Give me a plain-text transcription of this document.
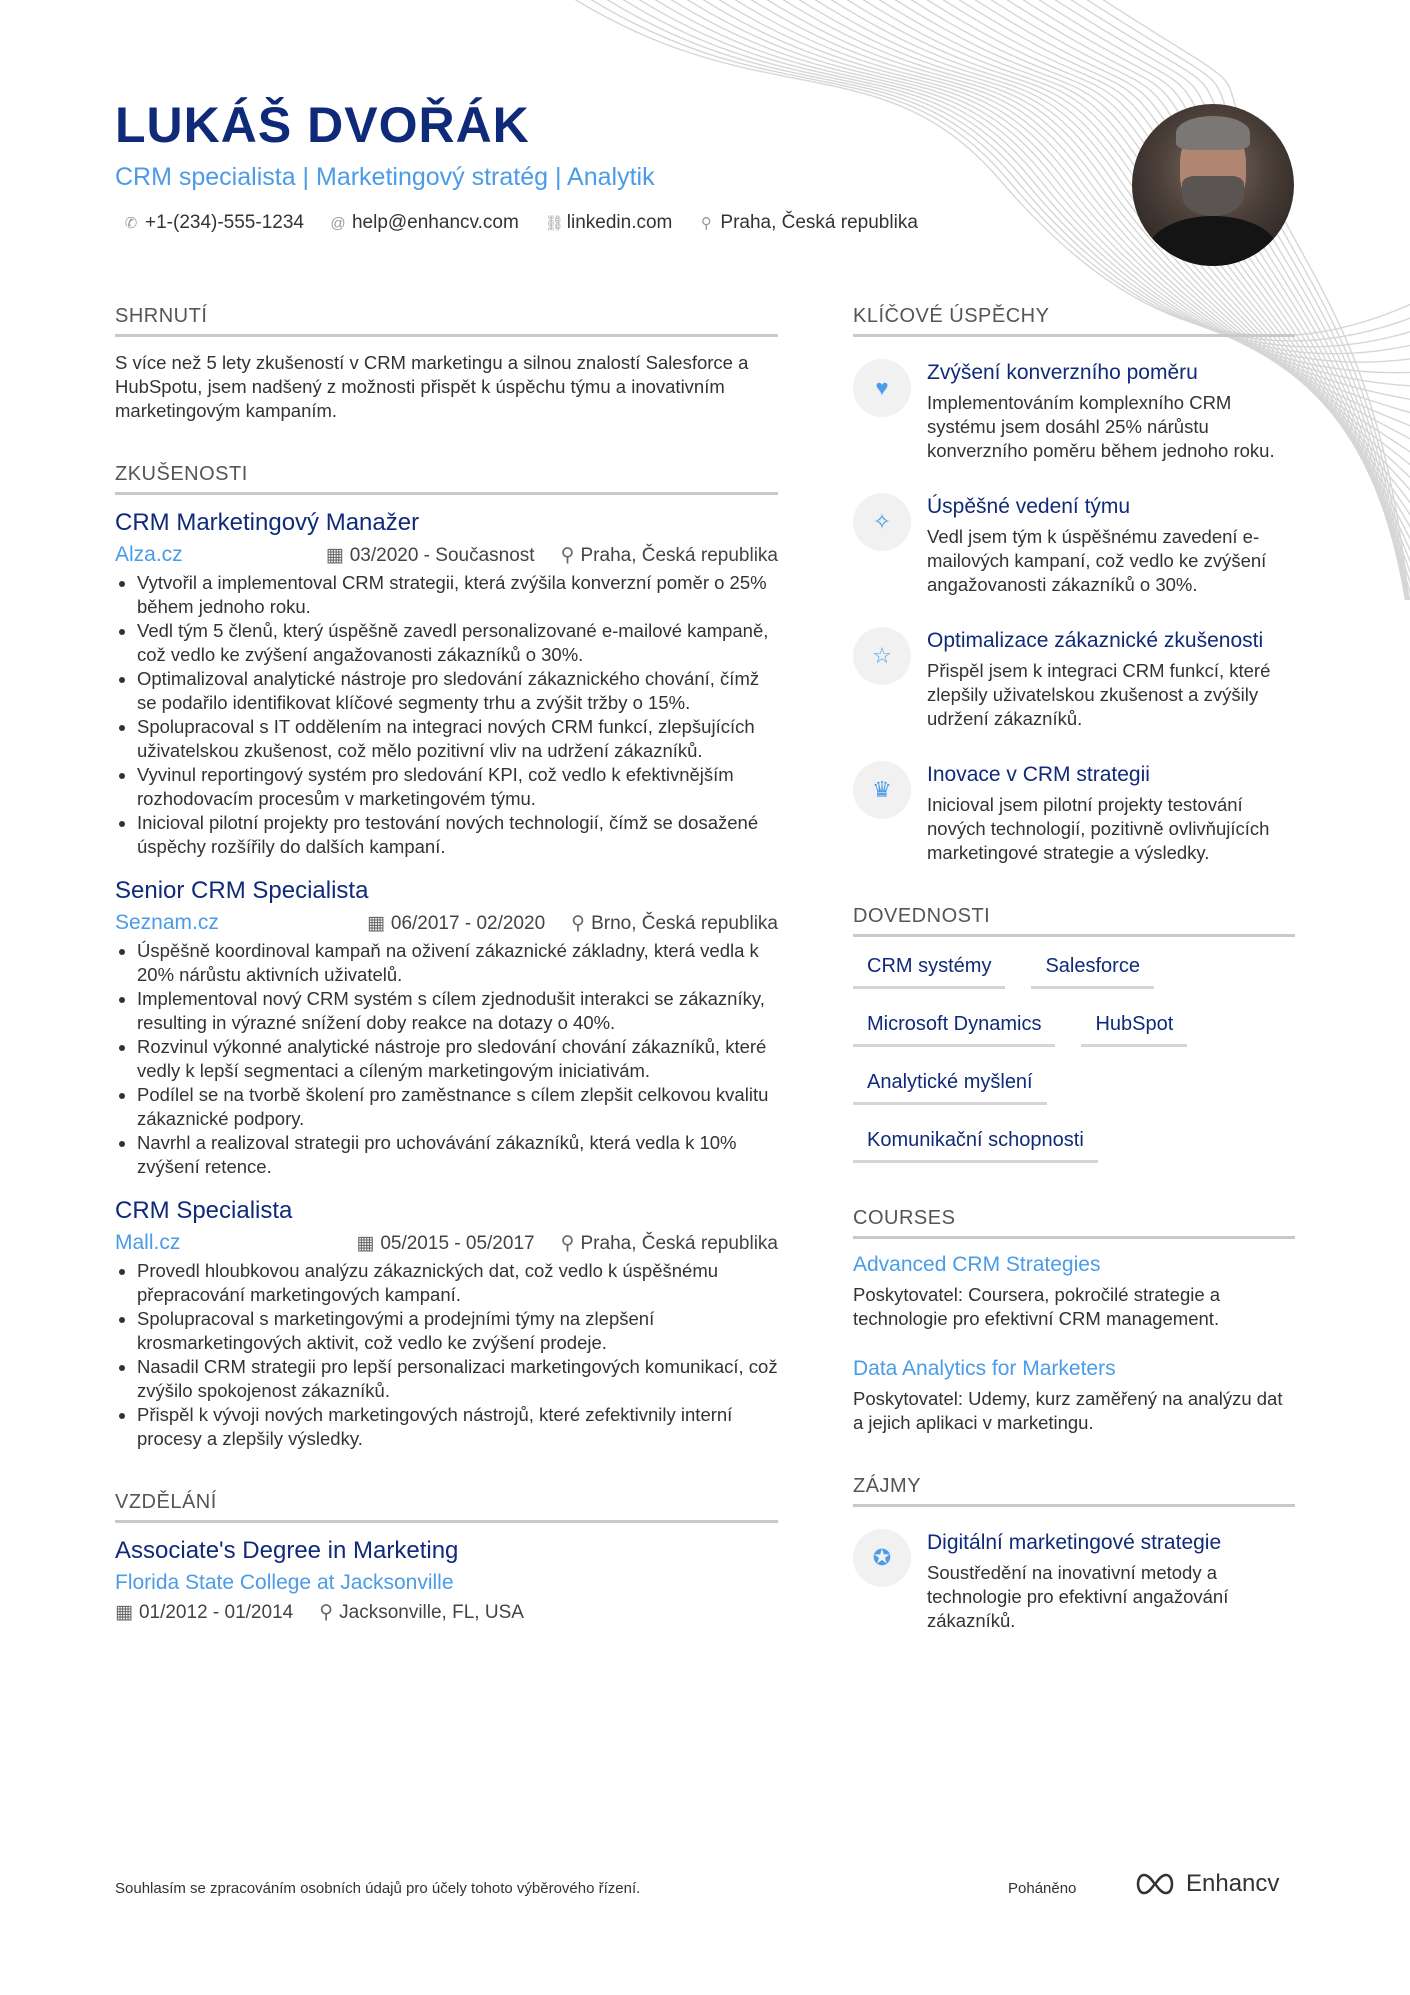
LUKÁŠ DVOŘÁK
CRM specialista | Marketingový stratég | Analytik
✆ +1-(234)-555-1234 @ help@enhancv.com ⛓ linkedin.com ⚲ Praha, Česká republika
SHRNUTÍ
S více než 5 lety zkušeností v CRM marketingu a silnou znalostí Salesforce a HubSpotu, jsem nadšený z možnosti přispět k úspěchu týmu a inovativním marketingovým kampaním.
ZKUŠENOSTI
CRM Marketingový Manažer
Alza.cz	▦ 03/2020 - Současnost ⚲ Praha, Česká republika
• Vytvořil a implementoval CRM strategii, která zvýšila konverzní poměr o 25% během jednoho roku.
• Vedl tým 5 členů, který úspěšně zavedl personalizované e-mailové kampaně, což vedlo ke zvýšení angažovanosti zákazníků o 30%.
• Optimalizoval analytické nástroje pro sledování zákaznického chování, čímž se podařilo identifikovat klíčové segmenty trhu a zvýšit tržby o 15%.
• Spolupracoval s IT oddělením na integraci nových CRM funkcí, zlepšujících uživatelskou zkušenost, což mělo pozitivní vliv na udržení zákazníků.
• Vyvinul reportingový systém pro sledování KPI, což vedlo k efektivnějším rozhodovacím procesům v marketingovém týmu.
• Inicioval pilotní projekty pro testování nových technologií, čímž se dosažené úspěchy rozšířily do dalších kampaní.
Senior CRM Specialista
Seznam.cz	▦ 06/2017 - 02/2020 ⚲ Brno, Česká republika
• Úspěšně koordinoval kampaň na oživení zákaznické základny, která vedla k 20% nárůstu aktivních uživatelů.
• Implementoval nový CRM systém s cílem zjednodušit interakci se zákazníky, resulting in výrazné snížení doby reakce na dotazy o 40%.
• Rozvinul výkonné analytické nástroje pro sledování chování zákazníků, které vedly k lepší segmentaci a cíleným marketingovým iniciativám.
• Podílel se na tvorbě školení pro zaměstnance s cílem zlepšit celkovou kvalitu zákaznické podpory.
• Navrhl a realizoval strategii pro uchovávání zákazníků, která vedla k 10% zvýšení retence.
CRM Specialista
Mall.cz	▦ 05/2015 - 05/2017 ⚲ Praha, Česká republika
• Provedl hloubkovou analýzu zákaznických dat, což vedlo k úspěšnému přepracování marketingových kampaní.
• Spolupracoval s marketingovými a prodejními týmy na zlepšení krosmarketingových aktivit, což vedlo ke zvýšení prodeje.
• Nasadil CRM strategii pro lepší personalizaci marketingových komunikací, což zvýšilo spokojenost zákazníků.
• Přispěl k vývoji nových marketingových nástrojů, které zefektivnily interní procesy a zlepšily výsledky.
VZDĚLÁNÍ
Associate's Degree in Marketing
Florida State College at Jacksonville
▦ 01/2012 - 01/2014 ⚲ Jacksonville, FL, USA
KLÍČOVÉ ÚSPĚCHY
♥
Zvýšení konverzního poměru
Implementováním komplexního CRM systému jsem dosáhl 25% nárůstu konverzního poměru během jednoho roku.
✧
Úspěšné vedení týmu
Vedl jsem tým k úspěšnému zavedení e-mailových kampaní, což vedlo ke zvýšení angažovanosti zákazníků o 30%.
☆
Optimalizace zákaznické zkušenosti
Přispěl jsem k integraci CRM funkcí, které zlepšily uživatelskou zkušenost a zvýšily udržení zákazníků.
♛
Inovace v CRM strategii
Inicioval jsem pilotní projekty testování nových technologií, pozitivně ovlivňujících marketingové strategie a výsledky.
DOVEDNOSTI
CRM systémy	Salesforce
Microsoft Dynamics	HubSpot
Analytické myšlení
Komunikační schopnosti
COURSES
Advanced CRM Strategies
Poskytovatel: Coursera, pokročilé strategie a technologie pro efektivní CRM management.
Data Analytics for Marketers
Poskytovatel: Udemy, kurz zaměřený na analýzu dat a jejich aplikaci v marketingu.
ZÁJMY
✪
Digitální marketingové strategie
Soustředění na inovativní metody a technologie pro efektivní angažování zákazníků.
Souhlasím se zpracováním osobních údajů pro účely tohoto výběrového řízení.	Poháněno	Enhancv
